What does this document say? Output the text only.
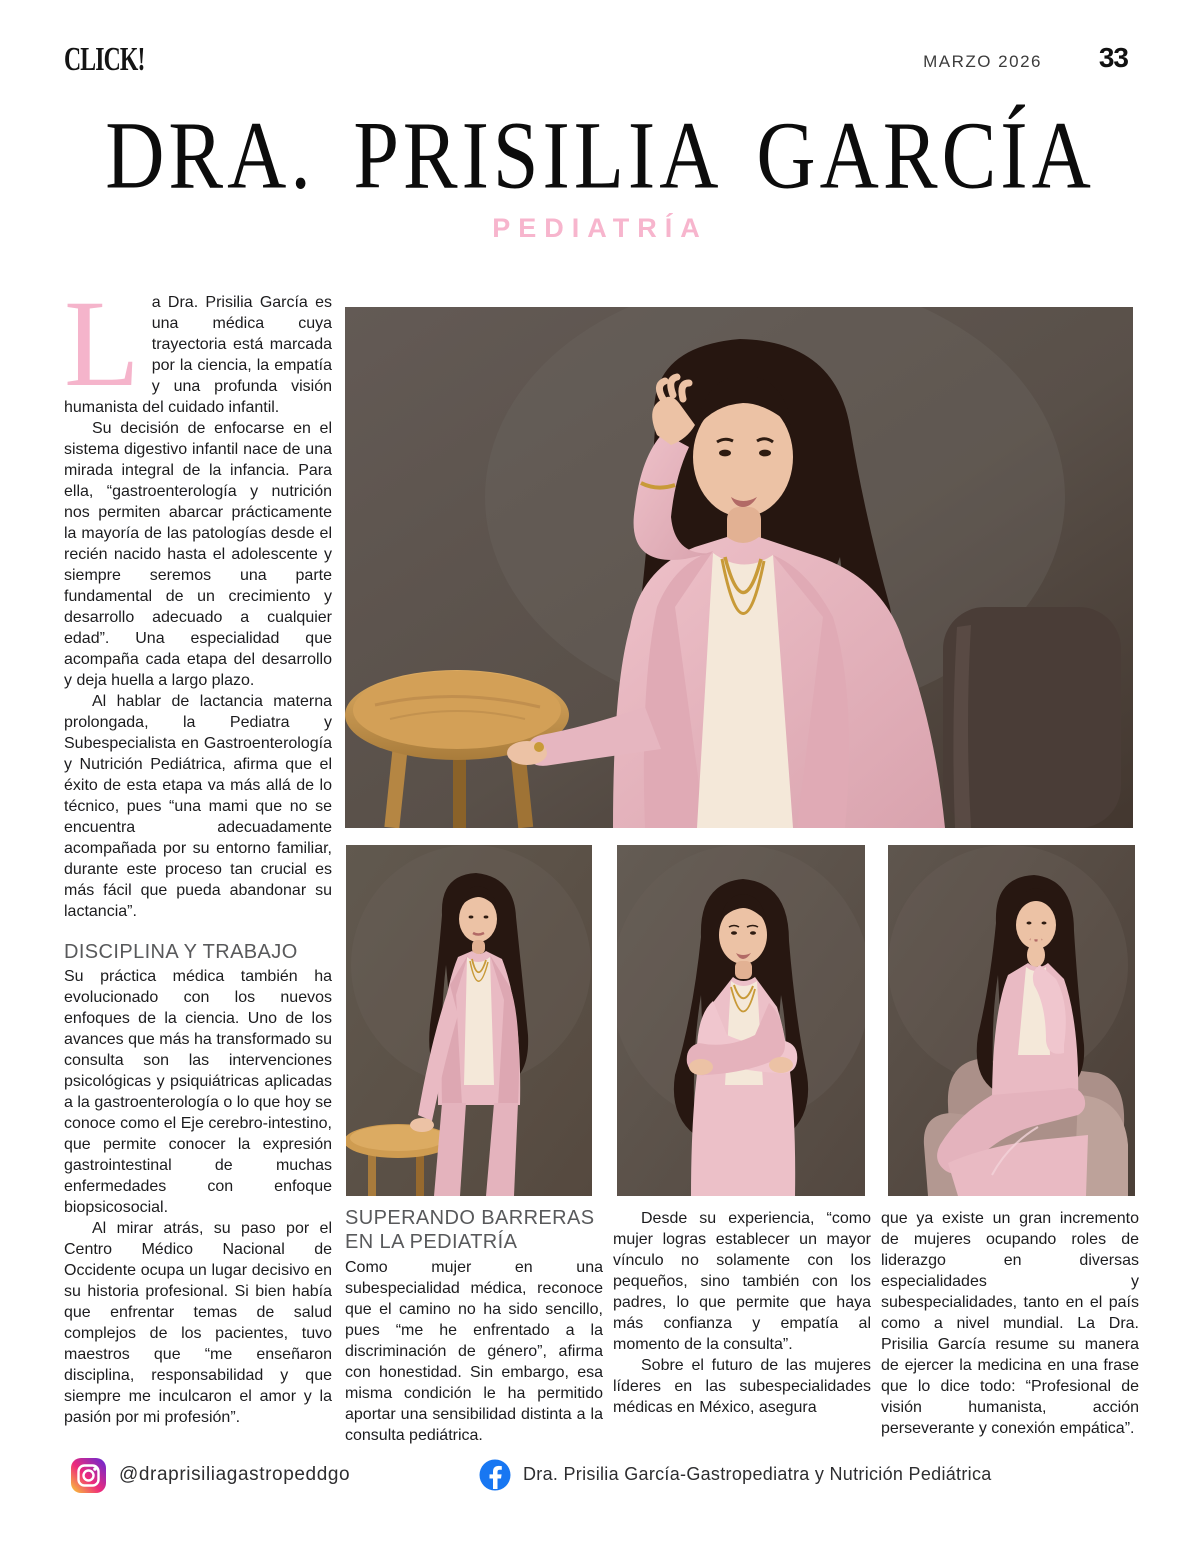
CLICK!	MARZO 2026 33
DRA. PRISILIA GARCÍA
PEDIATRÍA

La Dra. Prisilia García es una médica cuya trayectoria está marcada por la ciencia, la empatía y una profunda visión humanista del cuidado infantil.

Su decisión de enfocarse en el sistema digestivo infantil nace de una mirada integral de la infancia. Para ella, “gastroenterología y nutrición nos permiten abarcar prácticamente la mayoría de las patologías desde el recién nacido hasta el adolescente y siempre seremos una parte fundamental de un crecimiento y desarrollo adecuado a cualquier edad”. Una especialidad que acompaña cada etapa del desarrollo y deja huella a largo plazo.

Al hablar de lactancia materna prolongada, la Pediatra y Subespecialista en Gastroenterología y Nutrición Pediátrica, afirma que el éxito de esta etapa va más allá de lo técnico, pues “una mami que no se encuentra adecuadamente acompañada por su entorno familiar, durante este proceso tan crucial es más fácil que pueda abandonar su lactancia”.

DISCIPLINA Y TRABAJO

Su práctica médica también ha evolucionado con los nuevos enfoques de la ciencia. Uno de los avances que más ha transformado su consulta son las intervenciones psicológicas y psiquiátricas aplicadas a la gastroenterología o lo que hoy se conoce como el Eje cerebro-intestino, que permite conocer la expresión gastrointestinal de muchas enfermedades con enfoque biopsicosocial.

Al mirar atrás, su paso por el Centro Médico Nacional de Occidente ocupa un lugar decisivo en su historia profesional. Si bien había que enfrentar temas de salud complejos de los pacientes, tuvo maestros que “me enseñaron disciplina, responsabilidad y que siempre me inculcaron el amor y la pasión por mi profesión”.

SUPERANDO BARRERAS EN LA PEDIATRÍA

Como mujer en una subespecialidad médica, reconoce que el camino no ha sido sencillo, pues “me he enfrentado a la discriminación de género”, afirma con honestidad. Sin embargo, esa misma condición le ha permitido aportar una sensibilidad distinta a la consulta pediátrica.

Desde su experiencia, “como mujer logras establecer un mayor vínculo no solamente con los pequeños, sino también con los padres, lo que permite que haya más confianza y empatía al momento de la consulta”.

Sobre el futuro de las mujeres líderes en las subespecialidades médicas en México, asegura

que ya existe un gran incremento de mujeres ocupando roles de liderazgo en diversas especialidades y subespecialidades, tanto en el país como a nivel mundial. La Dra. Prisilia García resume su manera de ejercer la medicina en una frase que lo dice todo: “Profesional de visión humanista, acción perseverante y conexión empática”.

@draprisiliagastropeddgo	Dra. Prisilia García-Gastropediatra y Nutrición Pediátrica
